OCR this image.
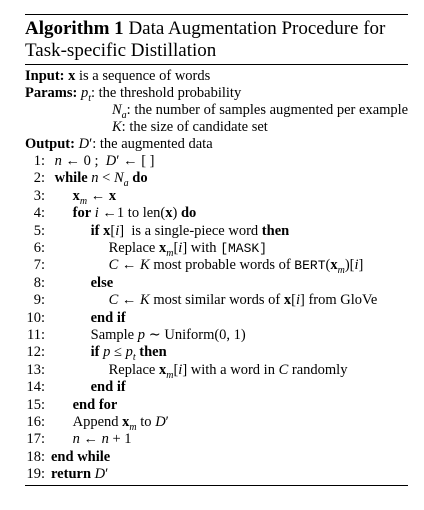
Algorithm 1 Data Augmentation Procedure for
Task-specific Distillation
Input: x is a sequence of words
Params: $p_t$: the threshold probability
$N_a$: the number of samples augmented per example
K: the size of candidate set
Output: D′: the augmented data
1: n ← 0 ;  D′ ← [ ]
2: while $n < N_a$ do
3: $x_m$ ← x
4: for i ←1 to len(x) do
5:	if x[i]  is a single-piece word then
6:	Replace $x_m[i]$ with [MASK]
7:	C ← K most probable words of $BERT(x_m)[i]$
8:	else
9:	C ← K most similar words of x[i] from GloVe
10:	end if
11:	Sample p ∼ Uniform(0, 1)
12:	if $p \le p_t$ then
13:	Replace $x_m[i]$ with a word in C randomly
14:	end if
15: end for
16: Append $x_m$ to D′
17: n ← n + 1
18: end while
19: return D′
